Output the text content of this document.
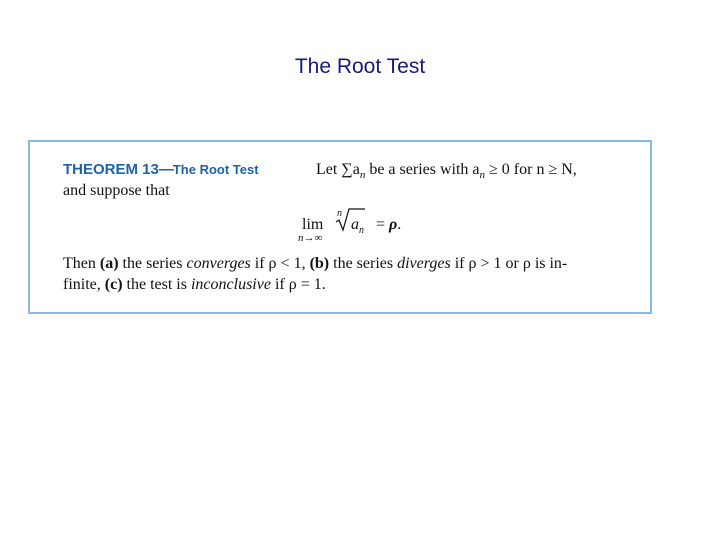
The Root Test
THEOREM 13—The Root Test	Let $\sum a_n$ be a series with $a_n \ge 0$ for n ≥ N,
and suppose that
lim
n→∞
n
$a_n = \rho$.
Then (a) the series converges if ρ < 1, (b) the series diverges if ρ > 1 or ρ is in-
finite, (c) the test is inconclusive if ρ = 1.
